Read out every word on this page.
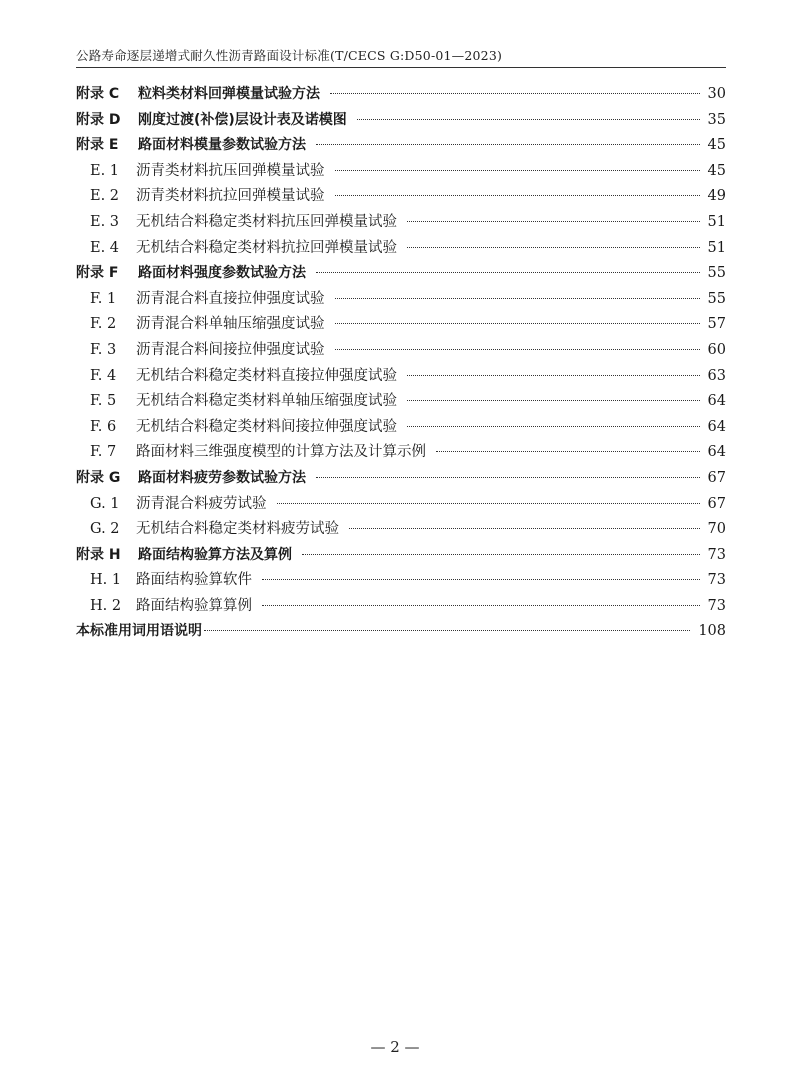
公路寿命逐层递增式耐久性沥青路面设计标准(T/CECS G:D50-01—2023)
附录 C	粒料类材料回弹模量试验方法	30
附录 D	刚度过渡(补偿)层设计表及诺模图	35
附录 E	路面材料模量参数试验方法	45
E. 1	沥青类材料抗压回弹模量试验	45
E. 2	沥青类材料抗拉回弹模量试验	49
E. 3	无机结合料稳定类材料抗压回弹模量试验	51
E. 4	无机结合料稳定类材料抗拉回弹模量试验	51
附录 F	路面材料强度参数试验方法	55
F. 1	沥青混合料直接拉伸强度试验	55
F. 2	沥青混合料单轴压缩强度试验	57
F. 3	沥青混合料间接拉伸强度试验	60
F. 4	无机结合料稳定类材料直接拉伸强度试验	63
F. 5	无机结合料稳定类材料单轴压缩强度试验	64
F. 6	无机结合料稳定类材料间接拉伸强度试验	64
F. 7	路面材料三维强度模型的计算方法及计算示例	64
附录 G	路面材料疲劳参数试验方法	67
G. 1	沥青混合料疲劳试验	67
G. 2	无机结合料稳定类材料疲劳试验	70
附录 H	路面结构验算方法及算例	73
H. 1	路面结构验算软件	73
H. 2	路面结构验算算例	73
本标准用词用语说明	108
— 2 —
